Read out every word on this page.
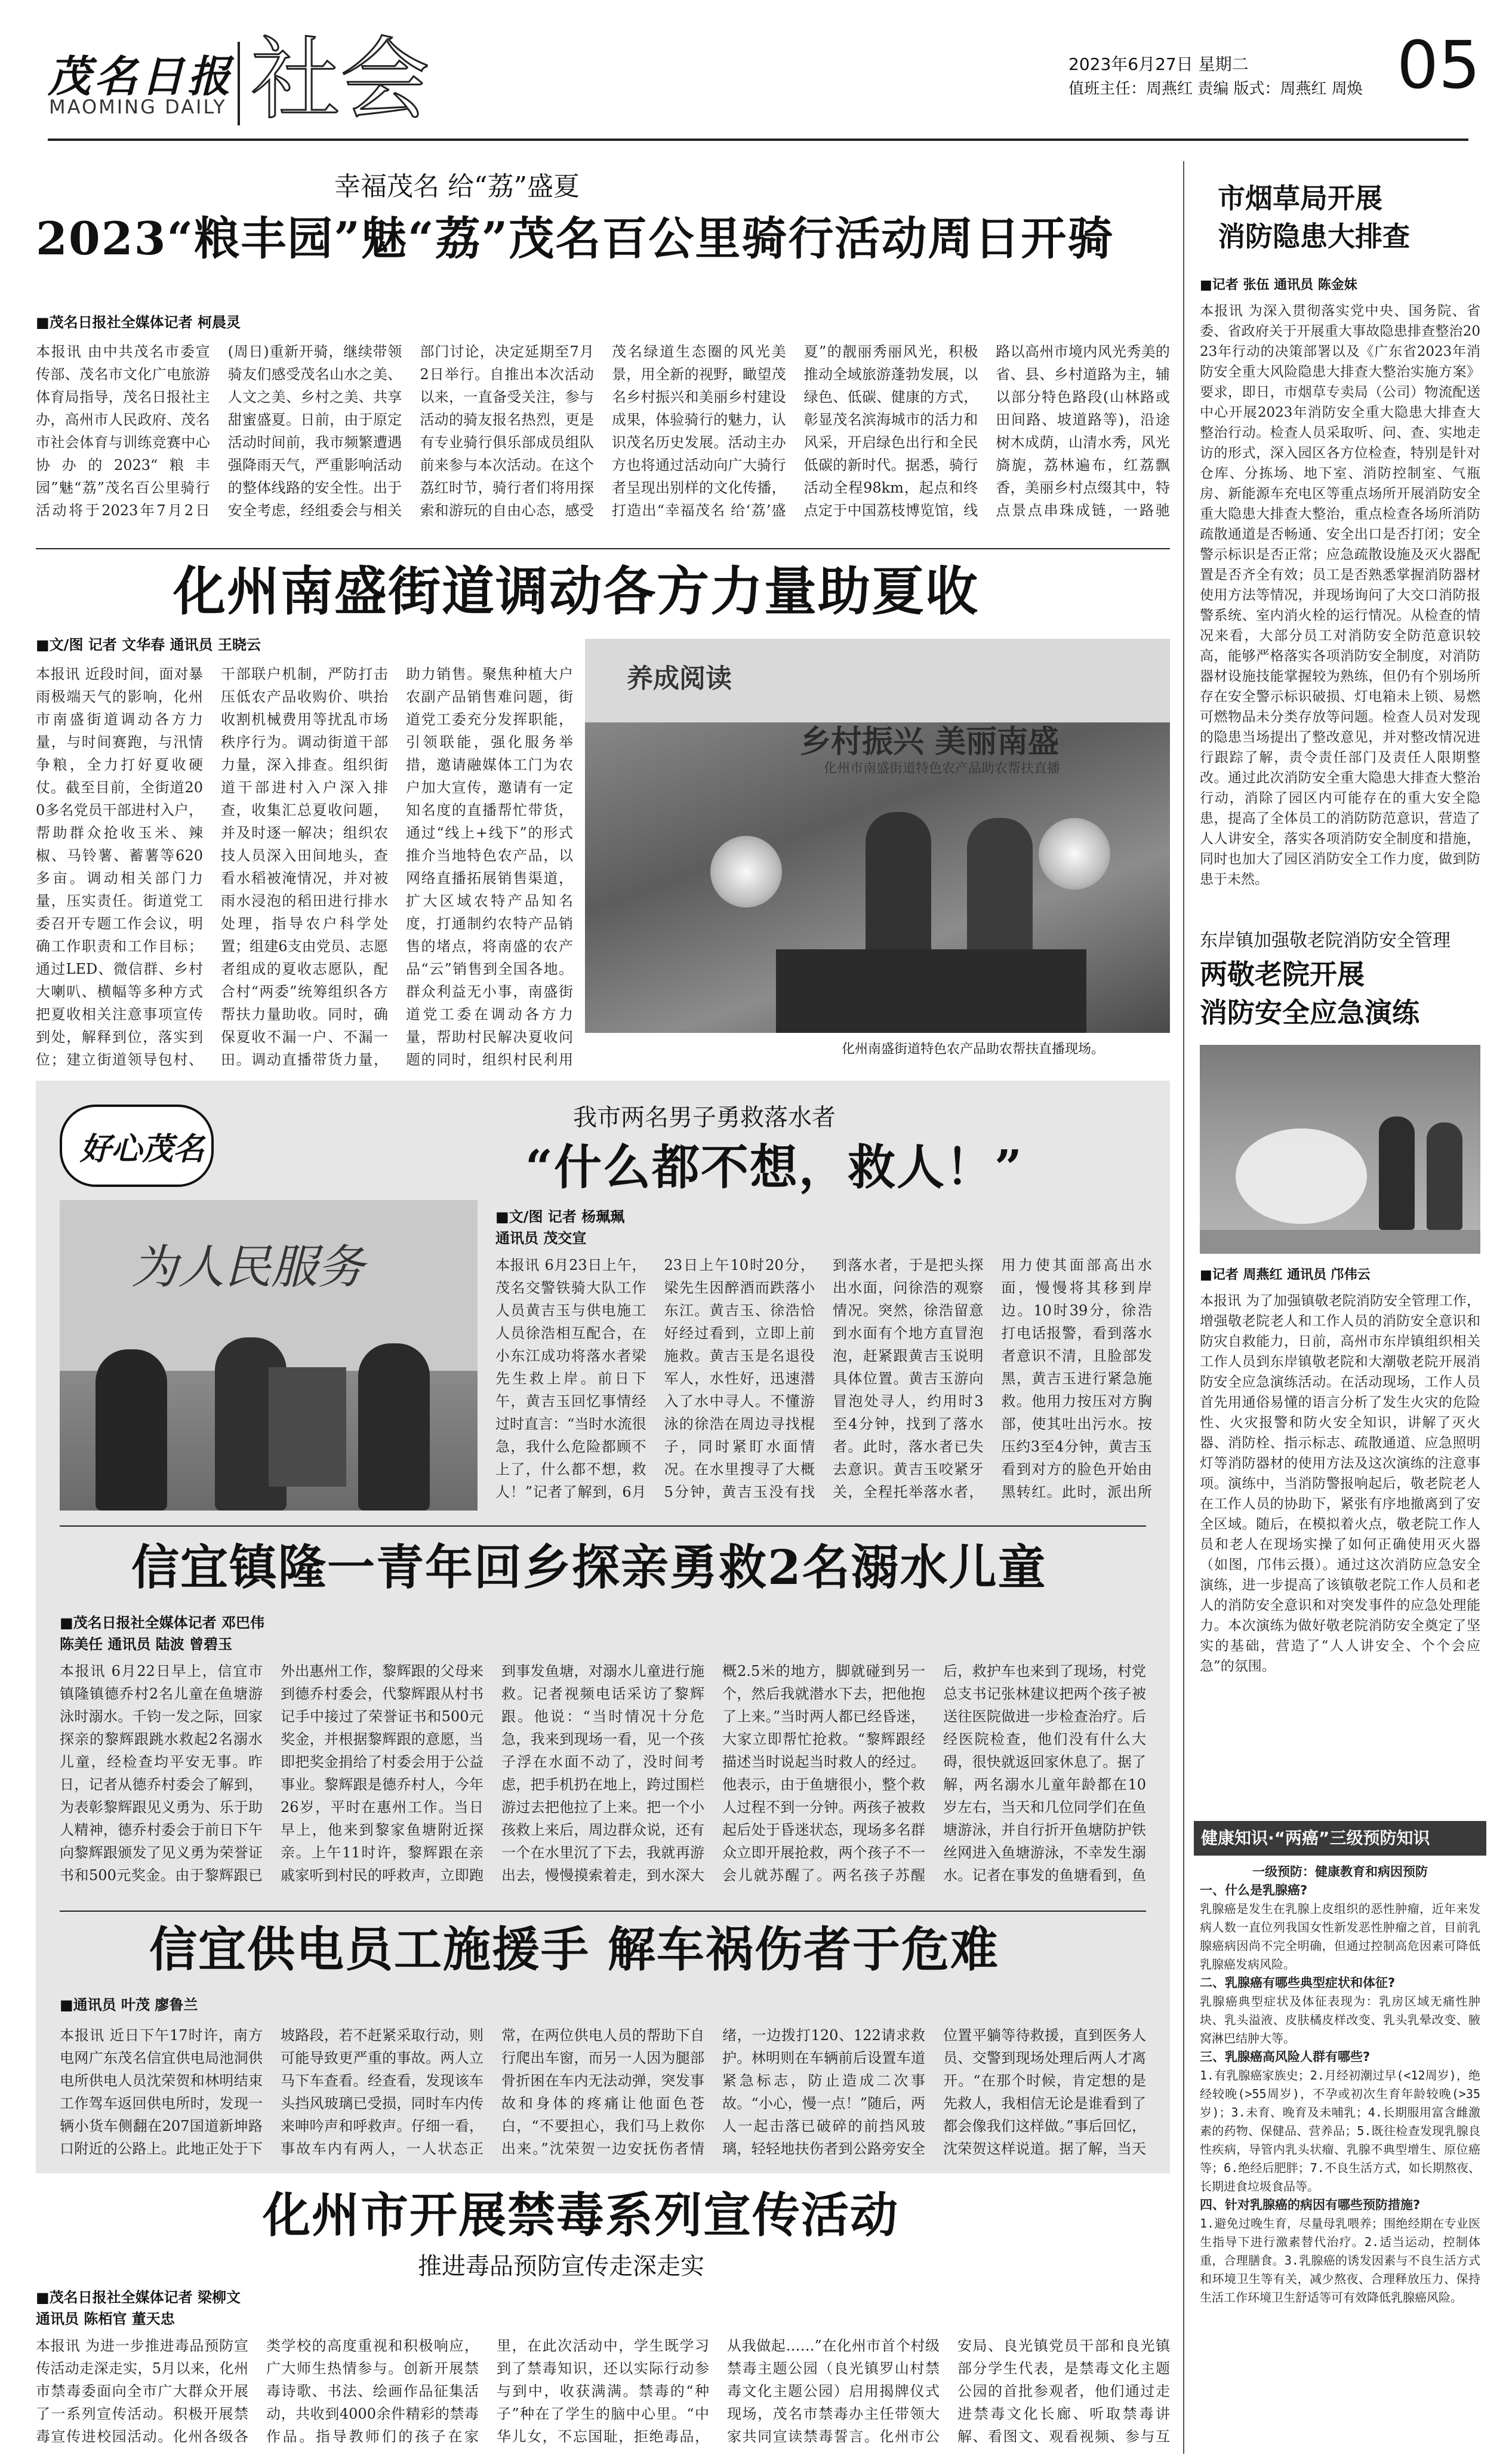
茂名日报
MAOMING DAILY 社会	2023年6月27日 星期二
值班主任：周燕红 责编 版式：周燕红 周焕 05
幸福茂名 给“荔”盛夏
2023“粮丰园”魅“荔”茂名百公里骑行活动周日开骑
■茂名日报社全媒体记者 柯晨灵
本报讯 由中共茂名市委宣传部、茂名市文化广电旅游体育局指导，茂名日报社主办，高州市人民政府、茂名市社会体育与训练竞赛中心协办的2023“粮丰园”魅“荔”茂名百公里骑行活动将于2023年7月2日(周日)重新开骑，继续带领骑友们感受茂名山水之美、人文之美、乡村之美、共享甜蜜盛夏。日前，由于原定活动时间前，我市频繁遭遇强降雨天气，严重影响活动的整体线路的安全性。出于安全考虑，经组委会与相关部门讨论，决定延期至7月2日举行。自推出本次活动以来，一直备受关注，参与活动的骑友报名热烈，更是有专业骑行俱乐部成员组队前来参与本次活动。在这个荔红时节，骑行者们将用探索和游玩的自由心态，感受茂名绿道生态圈的风光美景，用全新的视野，瞰望茂名乡村振兴和美丽乡村建设成果，体验骑行的魅力，认识茂名历史发展。活动主办方也将通过活动向广大骑行者呈现出别样的文化传播，打造出“幸福茂名 给‘荔’盛夏”的靓丽秀丽风光，积极推动全域旅游蓬勃发展，以绿色、低碳、健康的方式，彰显茂名滨海城市的活力和风采，开启绿色出行和全民低碳的新时代。据悉，骑行活动全程98km，起点和终点定于中国荔枝博览馆，线路以高州市境内风光秀美的省、县、乡村道路为主，辅以部分特色路段(山林路或田间路、坡道路等)，沿途树木成荫，山清水秀，风光旖旎，荔林遍布，红荔飘香，美丽乡村点缀其中，特点景点串珠成链，一路驰
化州南盛街道调动各方力量助夏收
■文/图 记者 文华春 通讯员 王晓云
本报讯 近段时间，面对暴雨极端天气的影响，化州市南盛街道调动各方力量，与时间赛跑，与汛情争粮，全力打好夏收硬仗。截至目前，全街道200多名党员干部进村入户，帮助群众抢收玉米、辣椒、马铃薯、蓄薯等620多亩。调动相关部门力量，压实责任。街道党工委召开专题工作会议，明确工作职责和工作目标；通过LED、微信群、乡村大喇叭、横幅等多种方式把夏收相关注意事项宣传到处，解释到位，落实到位；建立街道领导包村、干部联户机制，严防打击压低农产品收购价、哄抬收割机械费用等扰乱市场秩序行为。调动街道干部力量，深入排查。组织街道干部进村入户深入排查，收集汇总夏收问题，并及时逐一解决；组织农技人员深入田间地头，查看水稻被淹情况，并对被雨水浸泡的稻田进行排水处理，指导农户科学处置；组建6支由党员、志愿者组成的夏收志愿队，配合村“两委”统筹组织各方帮扶力量助收。同时，确保夏收不漏一户、不漏一田。调动直播带货力量，助力销售。聚焦种植大户农副产品销售难问题，街道党工委充分发挥职能，引领联能，强化服务举措，邀请融媒体工门为农户加大宣传，邀请有一定知名度的直播帮忙带货，通过“线上+线下”的形式推介当地特色农产品，以网络直播拓展销售渠道，扩大区域农特产品知名度，打通制约农特产品销售的堵点，将南盛的农产品“云”销售到全国各地。群众利益无小事，南盛街道党工委在调动各方力量，帮助村民解决夏收问题的同时，组织村民利用
养成阅读
乡村振兴 美丽南盛
化州市南盛街道特色农产品助农帮扶直播
化州南盛街道特色农产品助农帮扶直播现场。
好心茂名
我市两名男子勇救落水者
“什么都不想，救人！”
为人民服务
■文/图 记者 杨珮珮
通讯员 茂交宣
本报讯 6月23日上午，茂名交警铁骑大队工作人员黄吉玉与供电施工人员徐浩相互配合，在小东江成功将落水者梁先生救上岸。前日下午，黄吉玉回忆事情经过时直言：“当时水流很急，我什么危险都顾不上了，什么都不想，救人！”记者了解到，6月23日上午10时20分，梁先生因醉酒而跌落小东江。黄吉玉、徐浩恰好经过看到，立即上前施救。黄吉玉是名退役军人，水性好，迅速潜入了水中寻人。不懂游泳的徐浩在周边寻找棍子，同时紧盯水面情况。在水里搜寻了大概5分钟，黄吉玉没有找到落水者，于是把头探出水面，问徐浩的观察情况。突然，徐浩留意到水面有个地方直冒泡泡，赶紧跟黄吉玉说明具体位置。黄吉玉游向冒泡处寻人，约用时3至4分钟，找到了落水者。此时，落水者已失去意识。黄吉玉咬紧牙关，全程托举落水者，用力使其面部高出水面，慢慢将其移到岸边。10时39分，徐浩打电话报警，看到落水者意识不清，且脸部发黑，黄吉玉进行紧急施救。他用力按压对方胸部，使其吐出污水。按压约3至4分钟，黄吉玉看到对方的脸色开始由黑转红。此时，派出所
信宜镇隆一青年回乡探亲勇救2名溺水儿童
■茂名日报社全媒体记者 邓巴伟
陈美任 通讯员 陆波 曾碧玉
本报讯 6月22日早上，信宜市镇隆镇德乔村2名儿童在鱼塘游泳时溺水。千钧一发之际，回家探亲的黎辉跟跳水救起2名溺水儿童，经检查均平安无事。昨日，记者从德乔村委会了解到，为表彰黎辉跟见义勇为、乐于助人精神，德乔村委会于前日下午向黎辉跟颁发了见义勇为荣誉证书和500元奖金。由于黎辉跟已外出惠州工作，黎辉跟的父母来到德乔村委会，代黎辉跟从村书记手中接过了荣誉证书和500元奖金，并根据黎辉跟的意愿，当即把奖金捐给了村委会用于公益事业。黎辉跟是德乔村人，今年26岁，平时在惠州工作。当日早上，他来到黎家鱼塘附近探亲。上午11时许，黎辉跟在亲戚家听到村民的呼救声，立即跑到事发鱼塘，对溺水儿童进行施救。记者视频电话采访了黎辉跟。他说：“当时情况十分危急，我来到现场一看，见一个孩子浮在水面不动了，没时间考虑，把手机扔在地上，跨过围栏游过去把他拉了上来。把一个小孩救上来后，周边群众说，还有一个在水里沉了下去，我就再游出去，慢慢摸索着走，到水深大概2.5米的地方，脚就碰到另一个，然后我就潜水下去，把他抱了上来。”当时两人都已经昏迷，大家立即帮忙抢救。“黎辉跟经描述当时说起当时救人的经过。他表示，由于鱼塘很小，整个救人过程不到一分钟。两孩子被救起后处于昏迷状态，现场多名群众立即开展抢救，两个孩子不一会儿就苏醒了。两名孩子苏醒后，救护车也来到了现场，村党总支书记张林建议把两个孩子被送往医院做进一步检查治疗。后经医院检查，他们没有什么大碍，很快就返回家休息了。据了解，两名溺水儿童年龄都在10岁左右，当天和几位同学们在鱼塘游泳，并自行折开鱼塘防护铁丝网进入鱼塘游泳，不幸发生溺水。记者在事发的鱼塘看到，鱼
信宜供电员工施援手 解车祸伤者于危难
■通讯员 叶茂 廖鲁兰
本报讯 近日下午17时许，南方电网广东茂名信宜供电局池洞供电所供电人员沈荣贺和林明结束工作驾车返回供电所时，发现一辆小货车侧翻在207国道新坤路口附近的公路上。此地正处于下坡路段，若不赶紧采取行动，则可能导致更严重的事故。两人立马下车查看。经查看，发现该车头挡风玻璃已受损，同时车内传来呻吟声和呼救声。仔细一看，事故车内有两人，一人状态正常，在两位供电人员的帮助下自行爬出车窗，而另一人因为腿部骨折困在车内无法动弹，突发事故和身体的疼痛让他面色苍白，“不要担心，我们马上救你出来。”沈荣贺一边安抚伤者情绪，一边拨打120、122请求救护。林明则在车辆前后设置车道紧急标志，防止造成二次事故。“小心，慢一点！”随后，两人一起击落已破碎的前挡风玻璃，轻轻地扶伤者到公路旁安全位置平躺等待救援，直到医务人员、交警到现场处理后两人才离开。“在那个时候，肯定想的是先救人，我相信无论是谁看到了都会像我们这样做。”事后回忆，沈荣贺这样说道。据了解，当天
化州市开展禁毒系列宣传活动
推进毒品预防宣传走深走实
■茂名日报社全媒体记者 梁柳文
通讯员 陈栢官 董天忠
本报讯 为进一步推进毒品预防宣传活动走深走实，5月以来，化州市禁毒委面向全市广大群众开展了一系列宣传活动。积极开展禁毒宣传进校园活动。化州各级各类学校的高度重视和积极响应，广大师生热情参与。创新开展禁毒诗歌、书法、绘画作品征集活动，共收到4000余件精彩的禁毒作品。指导教师们的孩子在家里，在此次活动中，学生既学习到了禁毒知识，还以实际行动参与到中，收获满满。禁毒的“种子”种在了学生的脑中心里。“中华儿女，不忘国耻，拒绝毒品，从我做起……”在化州市首个村级禁毒主题公园（良光镇罗山村禁毒文化主题公园）启用揭牌仪式现场，茂名市禁毒办主任带领大家共同宣读禁毒誓言。化州市公安局、良光镇党员干部和良光镇部分学生代表，是禁毒文化主题公园的首批参观者，他们通过走进禁毒文化长廊、听取禁毒讲解、看图文、观看视频、参与互
市烟草局开展
消防隐患大排查
■记者 张伍 通讯员 陈金妹
本报讯 为深入贯彻落实党中央、国务院、省委、省政府关于开展重大事故隐患排查整治2023年行动的决策部署以及《广东省2023年消防安全重大风险隐患大排查大整治实施方案》要求，即日，市烟草专卖局（公司）物流配送中心开展2023年消防安全重大隐患大排查大整治行动。检查人员采取听、问、查、实地走访的形式，深入园区各方位检查，特别是针对仓库、分拣场、地下室、消防控制室、气瓶房、新能源车充电区等重点场所开展消防安全重大隐患大排查大整治，重点检查各场所消防疏散通道是否畅通、安全出口是否打闭；安全警示标识是否正常；应急疏散设施及灭火器配置是否齐全有效；员工是否熟悉掌握消防器材使用方法等情况，并现场询问了大交口消防报警系统、室内消火栓的运行情况。从检查的情况来看，大部分员工对消防安全防范意识较高，能够严格落实各项消防安全制度，对消防器材设施技能掌握较为熟练，但仍有个别场所存在安全警示标识破损、灯电箱未上锁、易燃可燃物品未分类存放等问题。检查人员对发现的隐患当场提出了整改意见，并对整改情况进行跟踪了解，责令责任部门及责任人限期整改。通过此次消防安全重大隐患大排查大整治行动，消除了园区内可能存在的重大安全隐患，提高了全体员工的消防防范意识，营造了人人讲安全，落实各项消防安全制度和措施，同时也加大了园区消防安全工作力度，做到防患于未然。
东岸镇加强敬老院消防安全管理
两敬老院开展
消防安全应急演练
■记者 周燕红 通讯员 邝伟云
本报讯 为了加强镇敬老院消防安全管理工作，增强敬老院老人和工作人员的消防安全意识和防灾自救能力，日前，高州市东岸镇组织相关工作人员到东岸镇敬老院和大潮敬老院开展消防安全应急演练活动。在活动现场，工作人员首先用通俗易懂的语言分析了发生火灾的危险性、火灾报警和防火安全知识，讲解了灭火器、消防栓、指示标志、疏散通道、应急照明灯等消防器材的使用方法及这次演练的注意事项。演练中，当消防警报响起后，敬老院老人在工作人员的协助下，紧张有序地撤离到了安全区域。随后，在模拟着火点，敬老院工作人员和老人在现场实操了如何正确使用灭火器（如图，邝伟云摄）。通过这次消防应急安全演练，进一步提高了该镇敬老院工作人员和老人的消防安全意识和对突发事件的应急处理能力。本次演练为做好敬老院消防安全奠定了坚实的基础，营造了“人人讲安全、个个会应急”的氛围。
健康知识·“两癌”三级预防知识
一级预防：健康教育和病因预防
一、什么是乳腺癌?
乳腺癌是发生在乳腺上皮组织的恶性肿瘤，近年来发病人数一直位列我国女性新发恶性肿瘤之首，目前乳腺癌病因尚不完全明确，但通过控制高危因素可降低乳腺癌发病风险。
二、乳腺癌有哪些典型症状和体征?
乳腺癌典型症状及体征表现为：乳房区域无痛性肿块、乳头溢液、皮肤橘皮样改变、乳头乳晕改变、腋窝淋巴结肿大等。
三、乳腺癌高风险人群有哪些?
1.有乳腺癌家族史；2.月经初潮过早(<12周岁)，绝经较晚(>55周岁)，不孕或初次生育年龄较晚(>35岁)；3.未育、晚育及未哺乳；4.长期服用富含雌激素的药物、保健品、营养品；5.既往检查发现乳腺良性疾病，导管内乳头状瘤、乳腺不典型增生、原位癌等；6.绝经后肥胖；7.不良生活方式，如长期熬夜、长期进食垃圾食品等。
四、针对乳腺癌的病因有哪些预防措施?
1.避免过晚生育，尽量母乳喂养；围绝经期在专业医生指导下进行激素替代治疗。2.适当运动，控制体重，合理膳食。3.乳腺癌的诱发因素与不良生活方式和环境卫生等有关，减少熬夜、合理释放压力、保持生活工作环境卫生舒适等可有效降低乳腺癌风险。
